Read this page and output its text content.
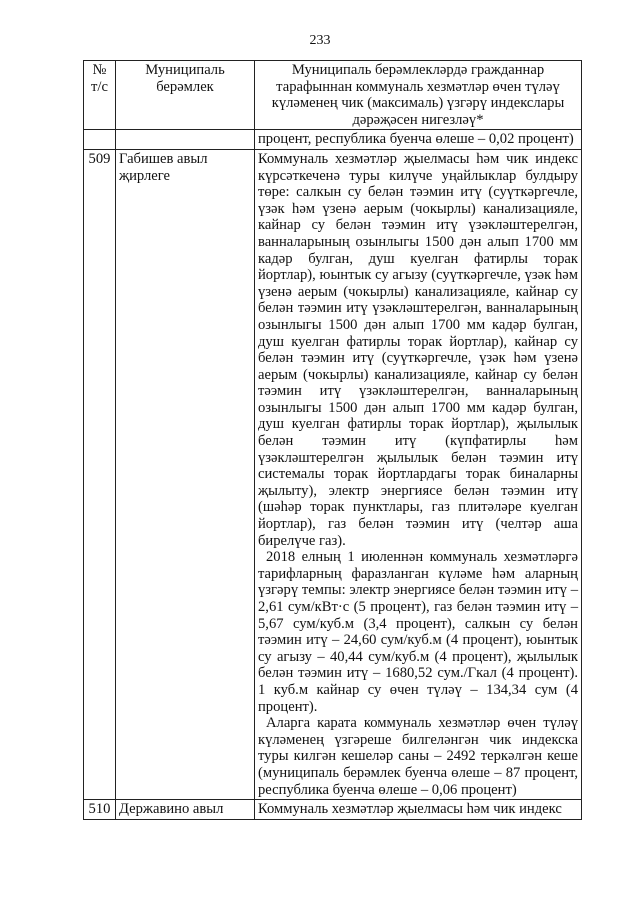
233
№ т/с	Муниципаль берәмлек	Муниципаль берәмлекләрдә гражданнар тарафыннан коммуналь хезмәтләр өчен түләү күләменең чик (максималь) үзгәрү индекслары дәрәҗәсен нигезләү*
		процент, республика буенча өлеше – 0,02 процент)
509	Габишев авыл җирлеге	Коммуналь хезмәтләр җыелмасы һәм чик индекс күрсәткеченә туры килүче уңайлыклар булдыру төре: салкын су белән тәэмин итү (суүткәргечле, үзәк һәм үзенә аерым (чокырлы) канализацияле, кайнар су белән тәэмин итү үзәкләштерелгән, ванналарының озынлыгы 1500 дән алып 1700 мм кадәр булган, душ куелган фатирлы торак йортлар), юынтык су агызу (суүткәргечле, үзәк һәм үзенә аерым (чокырлы) канализацияле, кайнар су белән тәэмин итү үзәкләштерелгән, ванналарының озынлыгы 1500 дән алып 1700 мм кадәр булган, душ куелган фатирлы торак йортлар), кайнар су белән тәэмин итү (суүткәргечле, үзәк һәм үзенә аерым (чокырлы) канализацияле, кайнар су белән тәэмин итү үзәкләштерелгән, ванналарының озынлыгы 1500 дән алып 1700 мм кадәр булган, душ куелган фатирлы торак йортлар), җылылык белән тәэмин итү (күпфатирлы һәм үзәкләштерелгән җылылык белән тәэмин итү системалы торак йортлардагы торак биналарны җылыту), электр энергиясе белән тәэмин итү (шәһәр торак пунктлары, газ плитәләре куелган йортлар), газ белән тәэмин итү (челтәр аша бирелүче газ).

2018 елның 1 июленнән коммуналь хезмәтләргә тарифларның фаразланган күләме һәм аларның үзгәрү темпы: электр энергиясе белән тәэмин итү – 2,61 сум/кВт·с (5 процент), газ белән тәэмин итү – 5,67 сум/куб.м (3,4 процент), салкын су белән тәэмин итү – 24,60 сум/куб.м (4 процент), юынтык су агызу – 40,44 сум/куб.м (4 процент), җылылык белән тәэмин итү – 1680,52 сум./Гкал (4 процент). 1 куб.м кайнар су өчен түләү – 134,34 сум (4 процент).

Аларга карата коммуналь хезмәтләр өчен түләү күләменең үзгәреше билгеләнгән чик индекска туры килгән кешеләр саны – 2492 теркәлгән кеше (муниципаль берәмлек буенча өлеше – 87 процент, республика буенча өлеше – 0,06 процент)

510	Державино авыл	Коммуналь хезмәтләр җыелмасы һәм чик индекс
